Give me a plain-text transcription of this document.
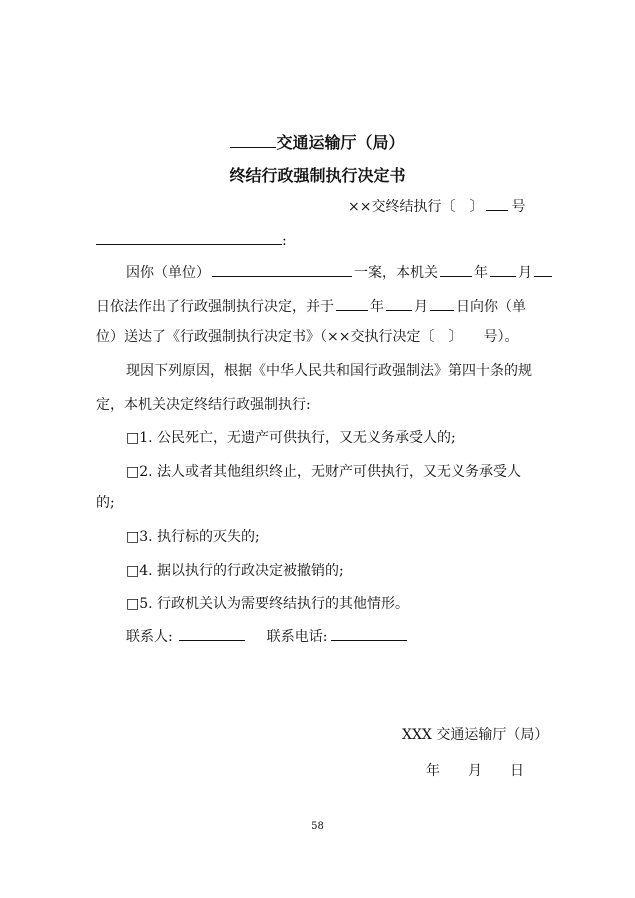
交通运输厅（局）
终结行政强制执行决定书
××交终结执行〔　〕 号
:
因你（单位）	一案，本机关	年 月
日依法作出了行政强制执行决定，并于	年 月 日向你（单
位）送达了《行政强制执行决定书》（××交执行决定〔　〕　　号）。
现因下列原因，根据《中华人民共和国行政强制法》第四十条的规
定，本机关决定终结行政强制执行:
□1. 公民死亡，无遗产可供执行，又无义务承受人的;
□2. 法人或者其他组织终止，无财产可供执行，又无义务承受人
的;
□3. 执行标的灭失的;
□4. 据以执行的行政决定被撤销的;
□5. 行政机关认为需要终结执行的其他情形。
联系人:	联系电话:
XXX 交通运输厅（局）
年　　月　　日
58
